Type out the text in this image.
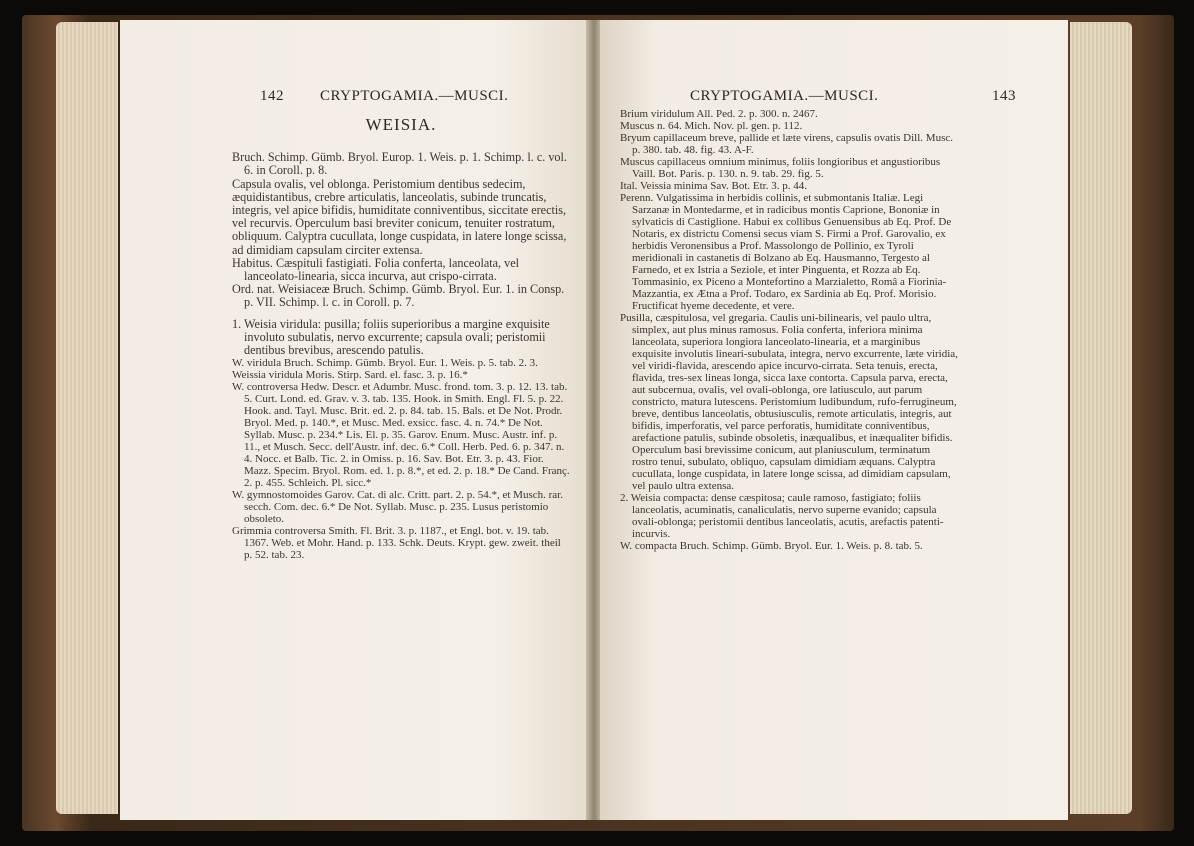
142 CRYPTOGAMIA.—MUSCI.

WEISIA.

Bruch. Schimp. Gümb. Bryol. Europ. 1. Weis. p. 1. Schimp. l. c. vol. 6. in Coroll. p. 8.

Capsula ovalis, vel oblonga. Peristomium dentibus sedecim, æquidistantibus, crebre articulatis, lanceolatis, subinde truncatis, integris, vel apice bifidis, humiditate conniventibus, siccitate erectis, vel recurvis. Operculum basi breviter conicum, tenuiter rostratum, obliquum. Calyptra cucullata, longe cuspidata, in latere longe scissa, ad dimidiam capsulam circiter extensa.

Habitus. Cæspituli fastigiati. Folia conferta, lanceolata, vel lanceolato-linearia, sicca incurva, aut crispo-cirrata.

Ord. nat. Weisiaceæ Bruch. Schimp. Gümb. Bryol. Eur. 1. in Consp. p. VII. Schimp. l. c. in Coroll. p. 7.

1. Weisia viridula: pusilla; foliis superioribus a margine exquisite involuto subulatis, nervo excurrente; capsula ovali; peristomii dentibus brevibus, arescendo patulis.

W. viridula Bruch. Schimp. Gümb. Bryol. Eur. 1. Weis. p. 5. tab. 2. 3.

Weissia viridula Moris. Stirp. Sard. el. fasc. 3. p. 16.*

W. controversa Hedw. Descr. et Adumbr. Musc. frond. tom. 3. p. 12. 13. tab. 5. Curt. Lond. ed. Grav. v. 3. tab. 135. Hook. in Smith. Engl. Fl. 5. p. 22. Hook. and. Tayl. Musc. Brit. ed. 2. p. 84. tab. 15. Bals. et De Not. Prodr. Bryol. Med. p. 140.*, et Musc. Med. exsicc. fasc. 4. n. 74.* De Not. Syllab. Musc. p. 234.* Lis. El. p. 35. Garov. Enum. Musc. Austr. inf. p. 11., et Musch. Secc. dell'Austr. inf. dec. 6.* Coll. Herb. Ped. 6. p. 347. n. 4. Nocc. et Balb. Tic. 2. in Omiss. p. 16. Sav. Bot. Etr. 3. p. 43. Fior. Mazz. Specim. Bryol. Rom. ed. 1. p. 8.*, et ed. 2. p. 18.* De Cand. Franç. 2. p. 455. Schleich. Pl. sicc.*

W. gymnostomoides Garov. Cat. di alc. Critt. part. 2. p. 54.*, et Musch. rar. secch. Com. dec. 6.* De Not. Syllab. Musc. p. 235. Lusus peristomio obsoleto.

Grimmia controversa Smith. Fl. Brit. 3. p. 1187., et Engl. bot. v. 19. tab. 1367. Web. et Mohr. Hand. p. 133. Schk. Deuts. Krypt. gew. zweit. theil p. 52. tab. 23.

CRYPTOGAMIA.—MUSCI.	143

Brium viridulum All. Ped. 2. p. 300. n. 2467.

Muscus n. 64. Mich. Nov. pl. gen. p. 112.

Bryum capillaceum breve, pallide et læte virens, capsulis ovatis Dill. Musc. p. 380. tab. 48. fig. 43. A-F.

Muscus capillaceus omnium minimus, foliis longioribus et angustioribus Vaill. Bot. Paris. p. 130. n. 9. tab. 29. fig. 5.

Ital. Veissia minima Sav. Bot. Etr. 3. p. 44.

Perenn. Vulgatissima in herbidis collinis, et submontanis Italiæ. Legi Sarzanæ in Montedarme, et in radicibus montis Caprione, Bononiæ in sylvaticis di Castiglione. Habui ex collibus Genuensibus ab Eq. Prof. De Notaris, ex districtu Comensi secus viam S. Firmi a Prof. Garovalio, ex herbidis Veronensibus a Prof. Massolongo de Pollinio, ex Tyroli meridionali in castanetis di Bolzano ab Eq. Hausmanno, Tergesto al Farnedo, et ex Istria a Seziole, et inter Pinguenta, et Rozza ab Eq. Tommasinio, ex Piceno a Montefortino a Marzialetto, Româ a Fiorinia-Mazzantia, ex Ætna a Prof. Todaro, ex Sardinia ab Eq. Prof. Morisio. Fructificat hyeme decedente, et vere.

Pusilla, cæspitulosa, vel gregaria. Caulis uni-bilinearis, vel paulo ultra, simplex, aut plus minus ramosus. Folia conferta, inferiora minima lanceolata, superiora longiora lanceolato-linearia, et a marginibus exquisite involutis lineari-subulata, integra, nervo excurrente, læte viridia, vel viridi-flavida, arescendo apice incurvo-cirrata. Seta tenuis, erecta, flavida, tres-sex lineas longa, sicca laxe contorta. Capsula parva, erecta, aut subcernua, ovalis, vel ovali-oblonga, ore latiusculo, aut parum constricto, matura lutescens. Peristomium ludibundum, rufo-ferrugineum, breve, dentibus lanceolatis, obtusiusculis, remote articulatis, integris, aut bifidis, imperforatis, vel parce perforatis, humiditate conniventibus, arefactione patulis, subinde obsoletis, inæqualibus, et inæqualiter bifidis. Operculum basi brevissime conicum, aut planiusculum, terminatum rostro tenui, subulato, obliquo, capsulam dimidiam æquans. Calyptra cucullata, longe cuspidata, in latere longe scissa, ad dimidiam capsulam, vel paulo ultra extensa.

2. Weisia compacta: dense cæspitosa; caule ramoso, fastigiato; foliis lanceolatis, acuminatis, canaliculatis, nervo superne evanido; capsula ovali-oblonga; peristomii dentibus lanceolatis, acutis, arefactis patenti-incurvis.

W. compacta Bruch. Schimp. Gümb. Bryol. Eur. 1. Weis. p. 8. tab. 5.
